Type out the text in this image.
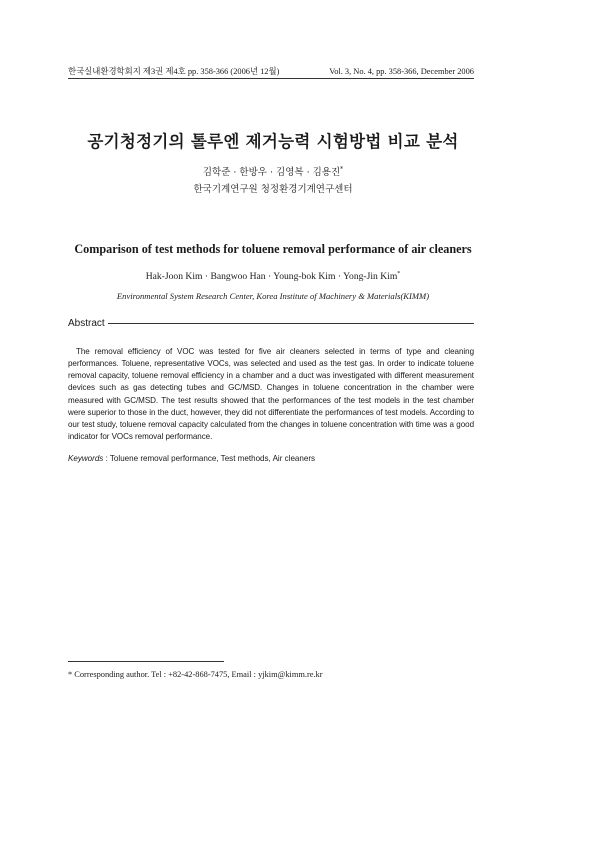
한국실내환경학회지 제3권 제4호 pp. 358-366 (2006년 12월)	Vol. 3, No. 4, pp. 358-366, December 2006
공기청정기의 톨루엔 제거능력 시험방법 비교 분석
김학준 · 한방우 · 김영복 · 김용진*
한국기계연구원 청정환경기계연구센터
Comparison of test methods for toluene removal performance of air cleaners
Hak-Joon Kim · Bangwoo Han · Young-bok Kim · Yong-Jin Kim*
Environmental System Research Center, Korea Institute of Machinery & Materials(KIMM)
Abstract

The removal efficiency of VOC was tested for five air cleaners selected in terms of type and cleaning performances. Toluene, representative VOCs, was selected and used as the test gas. In order to indicate toluene removal capacity, toluene removal efficiency in a chamber and a duct was investigated with different measurement devices such as gas detecting tubes and GC/MSD. Changes in toluene concentration in the chamber were measured with GC/MSD. The test results showed that the performances of the test models in the test chamber were superior to those in the duct, however, they did not differentiate the performances of test models. According to our test study, toluene removal capacity calculated from the changes in toluene concentration with time was a good indicator for VOCs removal performance.

Keywords : Toluene removal performance, Test methods, Air cleaners
* Corresponding author. Tel : +82-42-868-7475, Email : yjkim@kimm.re.kr
